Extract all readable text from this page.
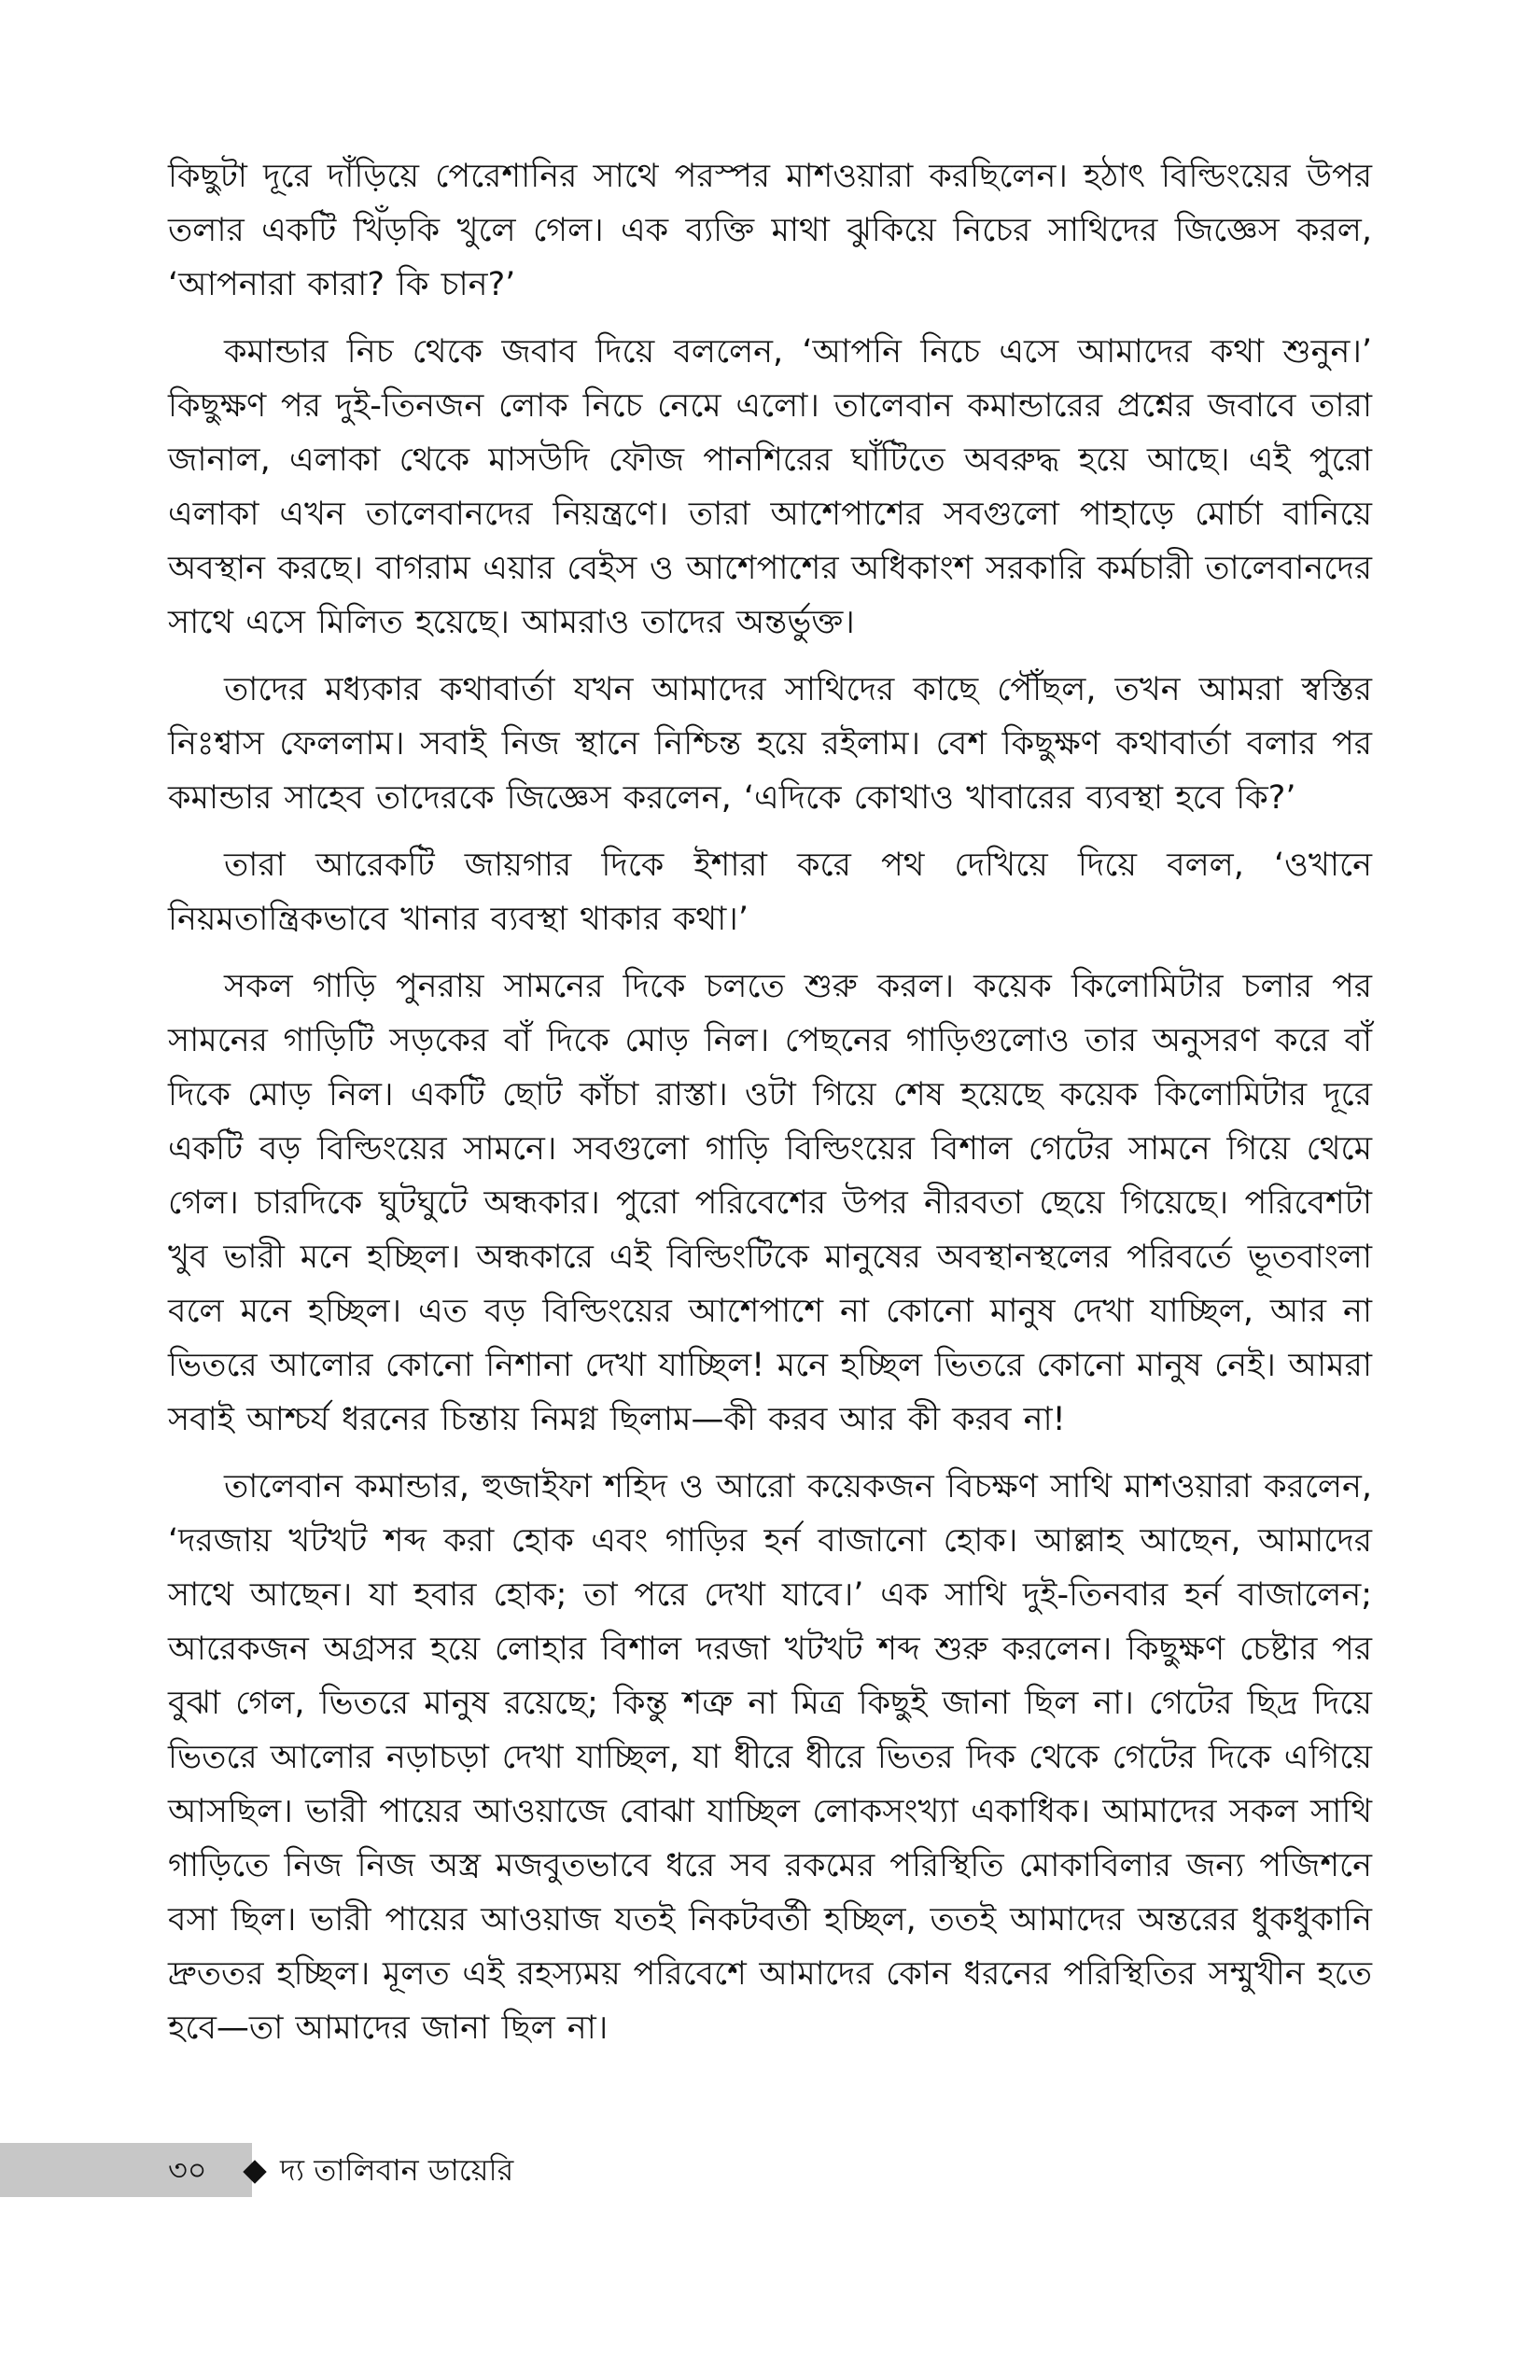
কিছুটা দূরে দাঁড়িয়ে পেরেশানির সাথে পরস্পর মাশওয়ারা করছিলেন। হঠাৎ বিল্ডিংয়ের উপর তলার একটি খিঁড়কি খুলে গেল। এক ব্যক্তি মাথা ঝুকিয়ে নিচের সাথিদের জিজ্ঞেস করল, ‘আপনারা কারা? কি চান?’

কমান্ডার নিচ থেকে জবাব দিয়ে বললেন, ‘আপনি নিচে এসে আমাদের কথা শুনুন।’ কিছুক্ষণ পর দুই-তিনজন লোক নিচে নেমে এলো। তালেবান কমান্ডারের প্রশ্নের জবাবে তারা জানাল, এলাকা থেকে মাসউদি ফৌজ পানশিরের ঘাঁটিতে অবরুদ্ধ হয়ে আছে। এই পুরো এলাকা এখন তালেবানদের নিয়ন্ত্রণে। তারা আশেপাশের সবগুলো পাহাড়ে মোর্চা বানিয়ে অবস্থান করছে। বাগরাম এয়ার বেইস ও আশেপাশের অধিকাংশ সরকারি কর্মচারী তালেবানদের সাথে এসে মিলিত হয়েছে। আমরাও তাদের অন্তর্ভুক্ত।

তাদের মধ্যকার কথাবার্তা যখন আমাদের সাথিদের কাছে পৌঁছল, তখন আমরা স্বস্তির নিঃশ্বাস ফেললাম। সবাই নিজ স্থানে নিশ্চিন্ত হয়ে রইলাম। বেশ কিছুক্ষণ কথাবার্তা বলার পর কমান্ডার সাহেব তাদেরকে জিজ্ঞেস করলেন, ‘এদিকে কোথাও খাবারের ব্যবস্থা হবে কি?’

তারা আরেকটি জায়গার দিকে ইশারা করে পথ দেখিয়ে দিয়ে বলল, ‘ওখানে নিয়মতান্ত্রিকভাবে খানার ব্যবস্থা থাকার কথা।’

সকল গাড়ি পুনরায় সামনের দিকে চলতে শুরু করল। কয়েক কিলোমিটার চলার পর সামনের গাড়িটি সড়কের বাঁ দিকে মোড় নিল। পেছনের গাড়িগুলোও তার অনুসরণ করে বাঁ দিকে মোড় নিল। একটি ছোট কাঁচা রাস্তা। ওটা গিয়ে শেষ হয়েছে কয়েক কিলোমিটার দূরে একটি বড় বিল্ডিংয়ের সামনে। সবগুলো গাড়ি বিল্ডিংয়ের বিশাল গেটের সামনে গিয়ে থেমে গেল। চারদিকে ঘুটঘুটে অন্ধকার। পুরো পরিবেশের উপর নীরবতা ছেয়ে গিয়েছে। পরিবেশটা খুব ভারী মনে হচ্ছিল। অন্ধকারে এই বিল্ডিংটিকে মানুষের অবস্থানস্থলের পরিবর্তে ভূতবাংলা বলে মনে হচ্ছিল। এত বড় বিল্ডিংয়ের আশেপাশে না কোনো মানুষ দেখা যাচ্ছিল, আর না ভিতরে আলোর কোনো নিশানা দেখা যাচ্ছিল! মনে হচ্ছিল ভিতরে কোনো মানুষ নেই। আমরা সবাই আশ্চর্য ধরনের চিন্তায় নিমগ্ন ছিলাম—কী করব আর কী করব না!

তালেবান কমান্ডার, হুজাইফা শহিদ ও আরো কয়েকজন বিচক্ষণ সাথি মাশওয়ারা করলেন, ‘দরজায় খটখট শব্দ করা হোক এবং গাড়ির হর্ন বাজানো হোক। আল্লাহ আছেন, আমাদের সাথে আছেন। যা হবার হোক; তা পরে দেখা যাবে।’ এক সাথি দুই-তিনবার হর্ন বাজালেন; আরেকজন অগ্রসর হয়ে লোহার বিশাল দরজা খটখট শব্দ শুরু করলেন। কিছুক্ষণ চেষ্টার পর বুঝা গেল, ভিতরে মানুষ রয়েছে; কিন্তু শত্রু না মিত্র কিছুই জানা ছিল না। গেটের ছিদ্র দিয়ে ভিতরে আলোর নড়াচড়া দেখা যাচ্ছিল, যা ধীরে ধীরে ভিতর দিক থেকে গেটের দিকে এগিয়ে আসছিল। ভারী পায়ের আওয়াজে বোঝা যাচ্ছিল লোকসংখ্যা একাধিক। আমাদের সকল সাথি গাড়িতে নিজ নিজ অস্ত্র মজবুতভাবে ধরে সব রকমের পরিস্থিতি মোকাবিলার জন্য পজিশনে বসা ছিল। ভারী পায়ের আওয়াজ যতই নিকটবর্তী হচ্ছিল, ততই আমাদের অন্তরের ধুকধুকানি দ্রুততর হচ্ছিল। মূলত এই রহস্যময় পরিবেশে আমাদের কোন ধরনের পরিস্থিতির সম্মুখীন হতে হবে—তা আমাদের জানা ছিল না।

৩০ দ্য তালিবান ডায়েরি
